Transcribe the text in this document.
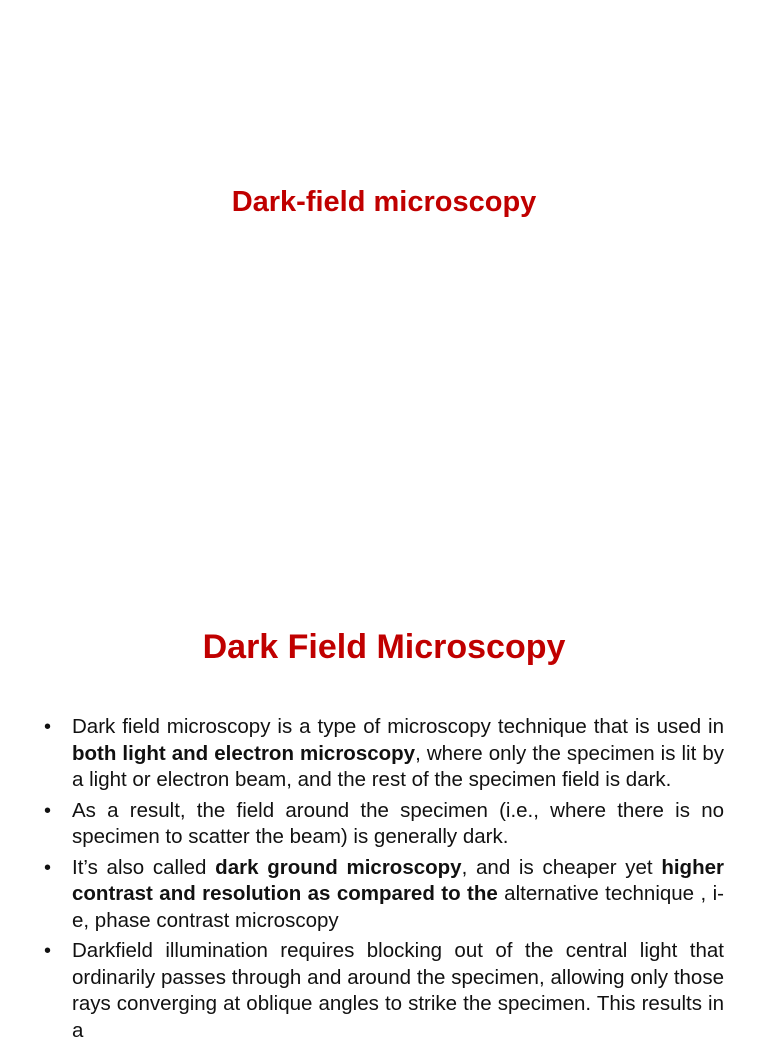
Dark-field microscopy
Dark Field Microscopy
•	Dark field microscopy is a type of microscopy technique that is used in both light and electron microscopy, where only the specimen is lit by a light or electron beam, and the rest of the specimen field is dark.
•	As a result, the field around the specimen (i.e., where there is no specimen to scatter the beam) is generally dark.
•	It’s also called dark ground microscopy, and is cheaper yet higher contrast and resolution as compared to the alternative technique , i-e, phase contrast microscopy
•	Darkfield illumination requires blocking out of the central light that ordinarily passes through and around the specimen, allowing only those rays converging at oblique angles to strike the specimen. This results in a
